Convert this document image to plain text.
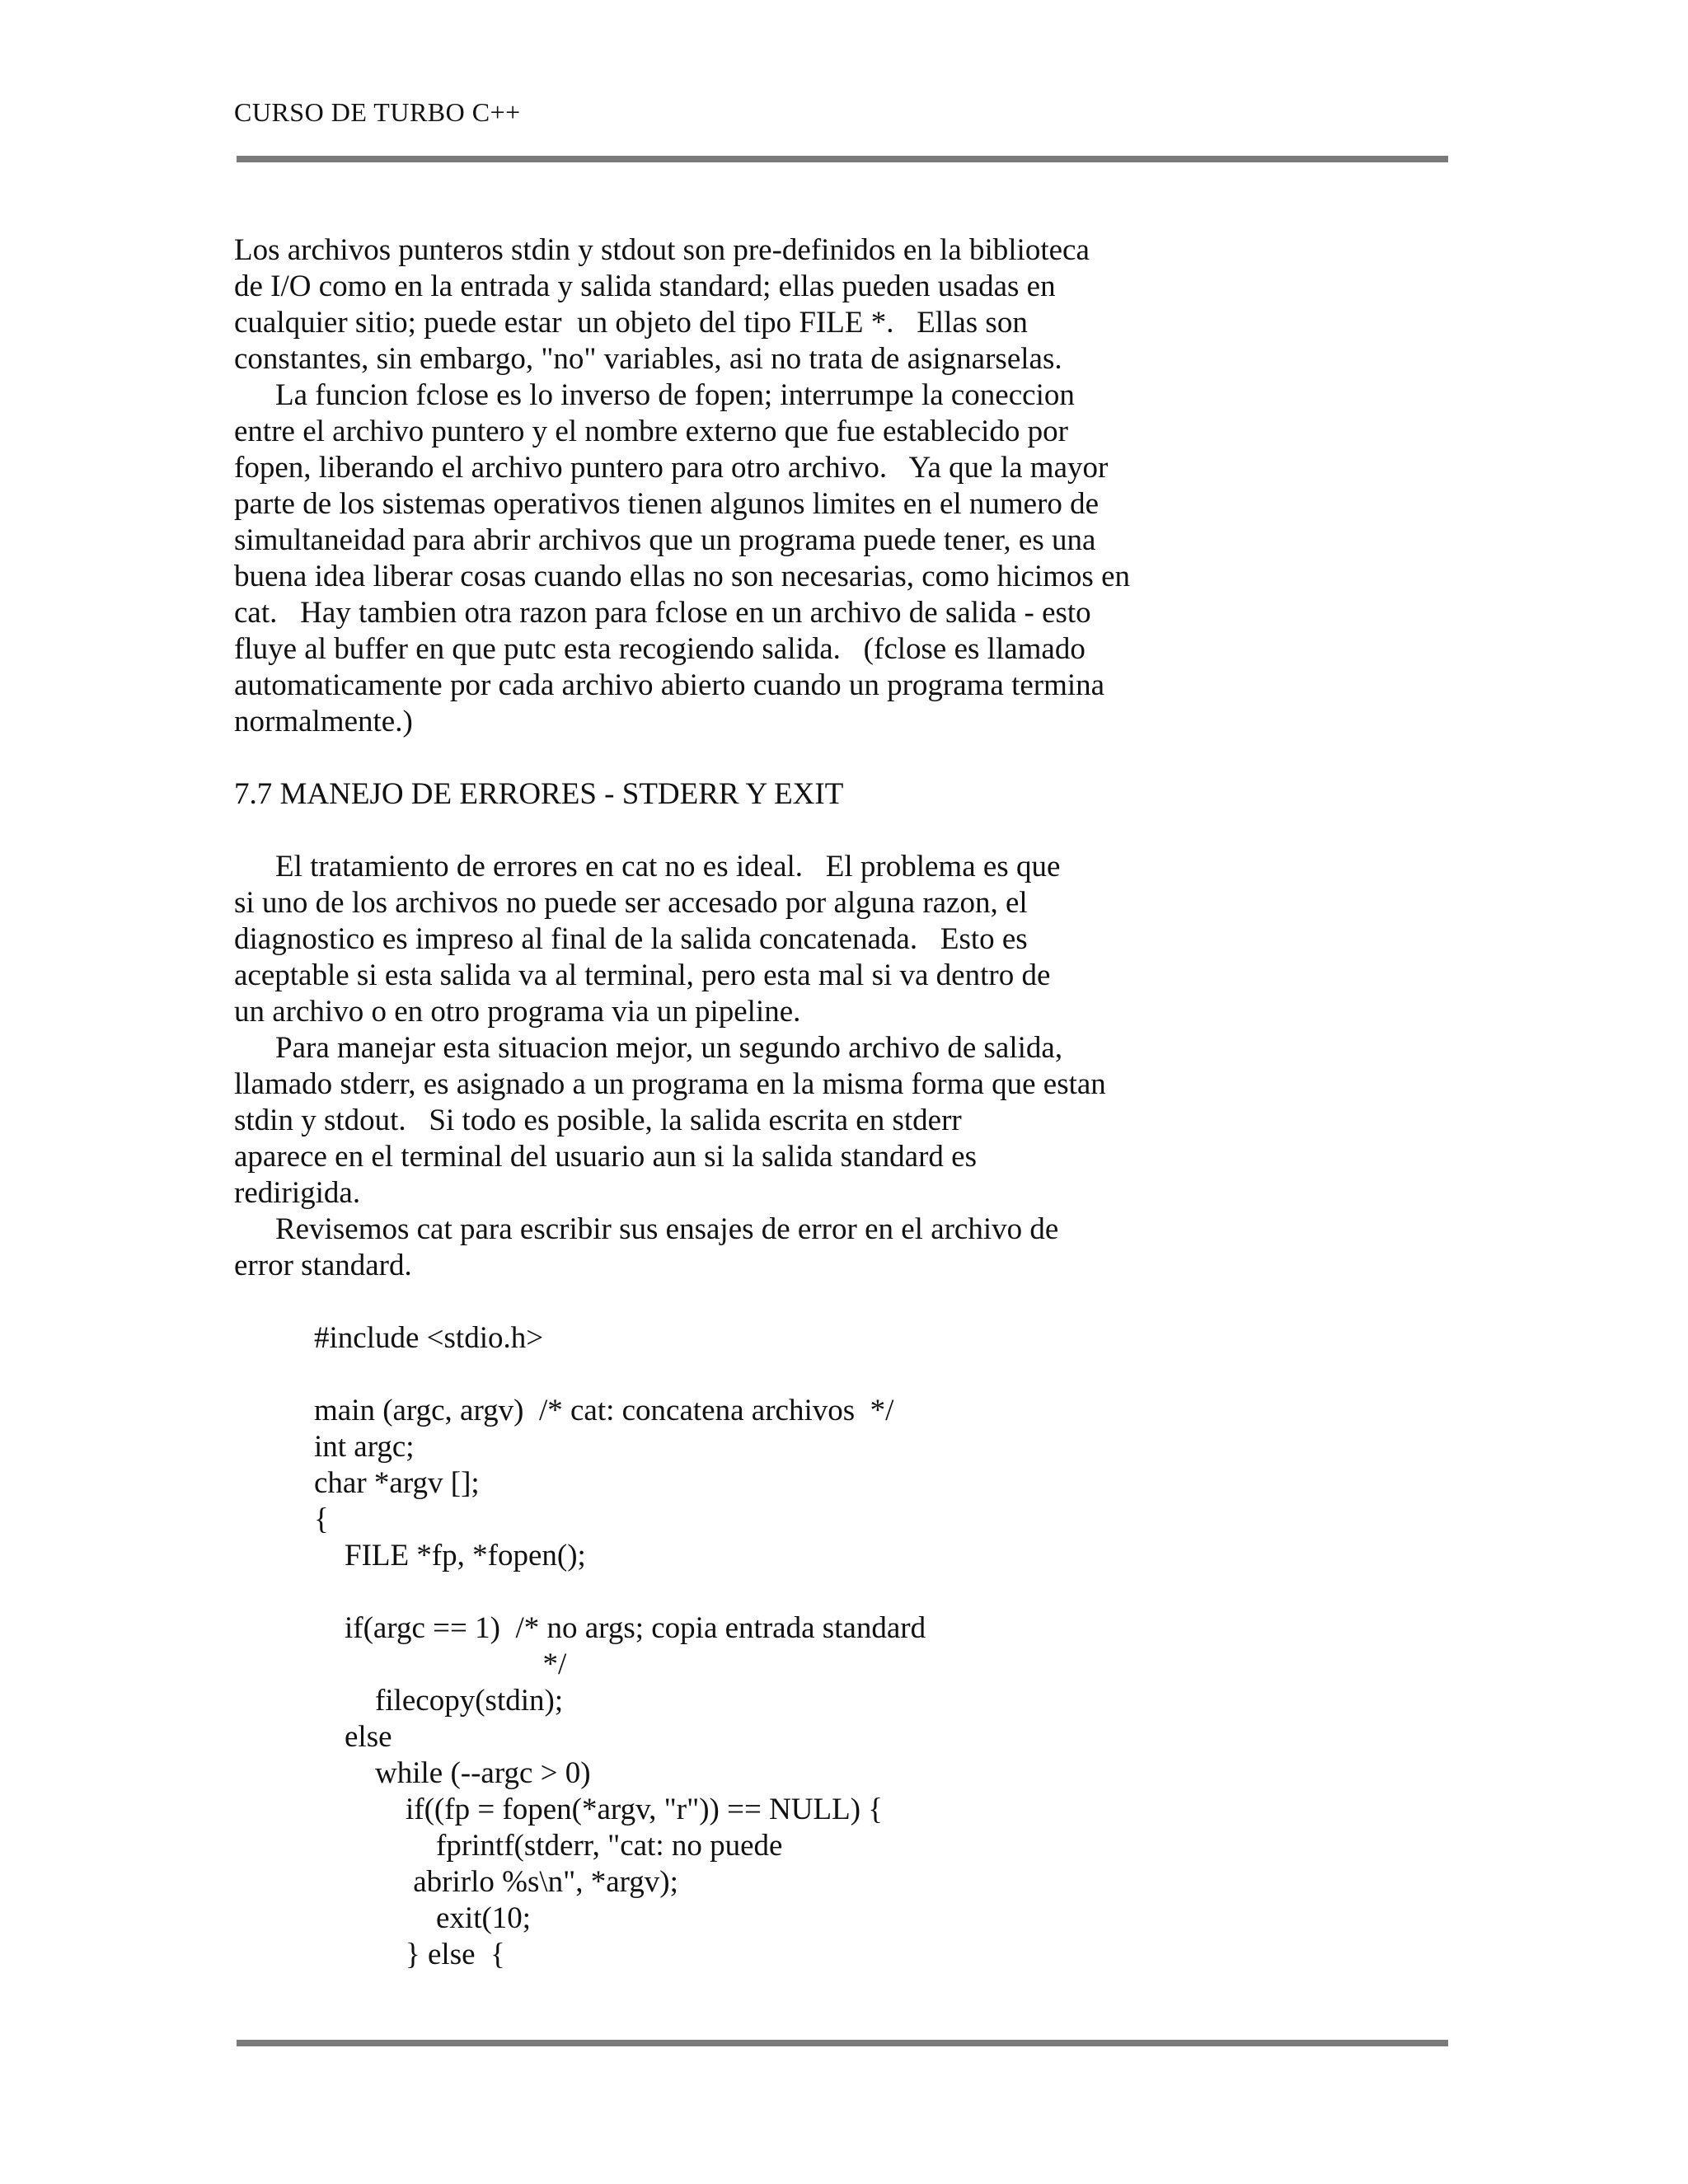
CURSO DE TURBO C++
Los archivos punteros stdin y stdout son pre-definidos en la biblioteca
de I/O como en la entrada y salida standard; ellas pueden usadas en
cualquier sitio; puede estar  un objeto del tipo FILE *.   Ellas son
constantes, sin embargo, "no" variables, asi no trata de asignarselas.
La funcion fclose es lo inverso de fopen; interrumpe la coneccion
entre el archivo puntero y el nombre externo que fue establecido por
fopen, liberando el archivo puntero para otro archivo.   Ya que la mayor
parte de los sistemas operativos tienen algunos limites en el numero de
simultaneidad para abrir archivos que un programa puede tener, es una
buena idea liberar cosas cuando ellas no son necesarias, como hicimos en
cat.   Hay tambien otra razon para fclose en un archivo de salida - esto
fluye al buffer en que putc esta recogiendo salida.   (fclose es llamado
automaticamente por cada archivo abierto cuando un programa termina
normalmente.)
7.7 MANEJO DE ERRORES - STDERR Y EXIT
El tratamiento de errores en cat no es ideal.   El problema es que
si uno de los archivos no puede ser accesado por alguna razon, el
diagnostico es impreso al final de la salida concatenada.   Esto es
aceptable si esta salida va al terminal, pero esta mal si va dentro de
un archivo o en otro programa via un pipeline.
Para manejar esta situacion mejor, un segundo archivo de salida,
llamado stderr, es asignado a un programa en la misma forma que estan
stdin y stdout.   Si todo es posible, la salida escrita en stderr
aparece en el terminal del usuario aun si la salida standard es
redirigida.
Revisemos cat para escribir sus ensajes de error en el archivo de
error standard.
#include <stdio.h>
main (argc, argv)  /* cat: concatena archivos  */
int argc;
char *argv [];
{
FILE *fp, *fopen();
if(argc == 1)  /* no args; copia entrada standard
*/
filecopy(stdin);
else
while (--argc > 0)
if((fp = fopen(*argv, "r")) == NULL) {
fprintf(stderr, "cat: no puede
abrirlo %s\n", *argv);
exit(10;
} else  {
